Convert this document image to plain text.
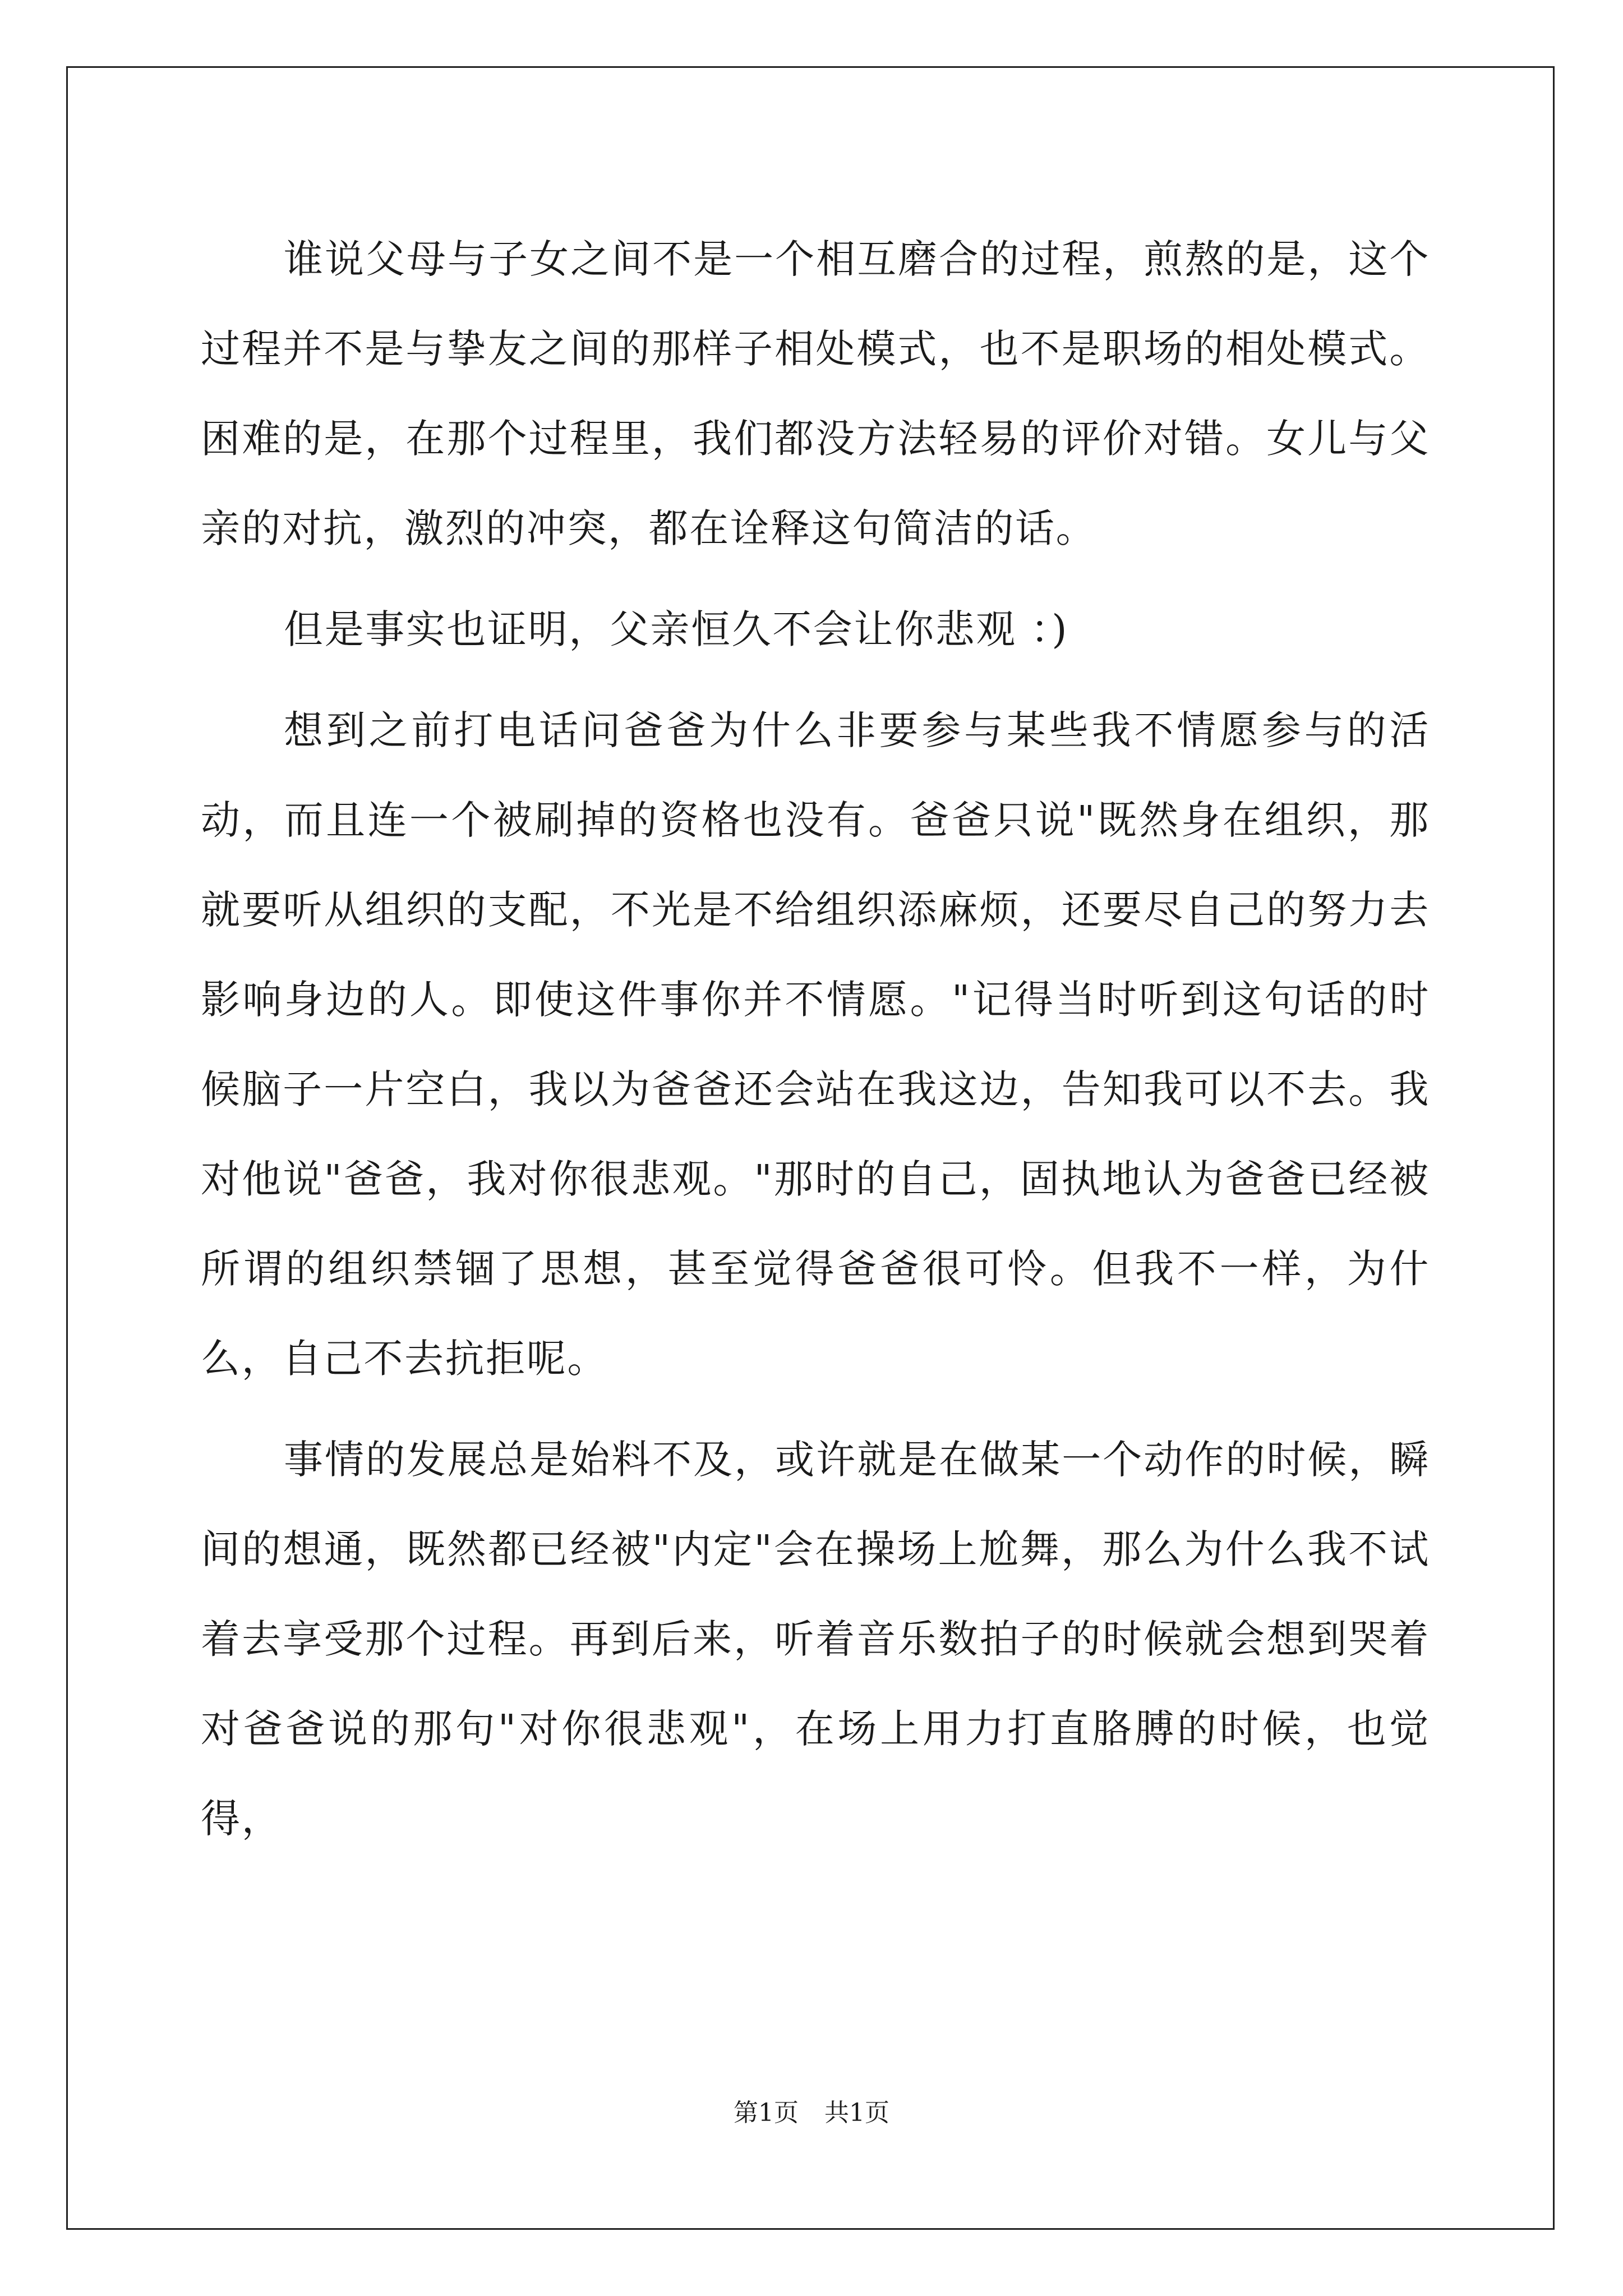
谁说父母与子女之间不是一个相互磨合的过程，煎熬的是，这个过程并不是与挚友之间的那样子相处模式，也不是职场的相处模式。困难的是，在那个过程里，我们都没方法轻易的评价对错。女儿与父亲的对抗，激烈的冲突，都在诠释这句简洁的话。

但是事实也证明，父亲恒久不会让你悲观 ：)

想到之前打电话问爸爸为什么非要参与某些我不情愿参与的活动，而且连一个被刷掉的资格也没有。爸爸只说"既然身在组织，那就要听从组织的支配，不光是不给组织添麻烦，还要尽自己的努力去影响身边的人。即使这件事你并不情愿。"记得当时听到这句话的时候脑子一片空白，我以为爸爸还会站在我这边，告知我可以不去。我对他说"爸爸，我对你很悲观。"那时的自己，固执地认为爸爸已经被所谓的组织禁锢了思想，甚至觉得爸爸很可怜。但我不一样，为什么，自己不去抗拒呢。

事情的发展总是始料不及，或许就是在做某一个动作的时候，瞬间的想通，既然都已经被"内定"会在操场上尬舞，那么为什么我不试着去享受那个过程。再到后来，听着音乐数拍子的时候就会想到哭着对爸爸说的那句"对你很悲观"，在场上用力打直胳膊的时候，也觉得，

第1页 共1页
